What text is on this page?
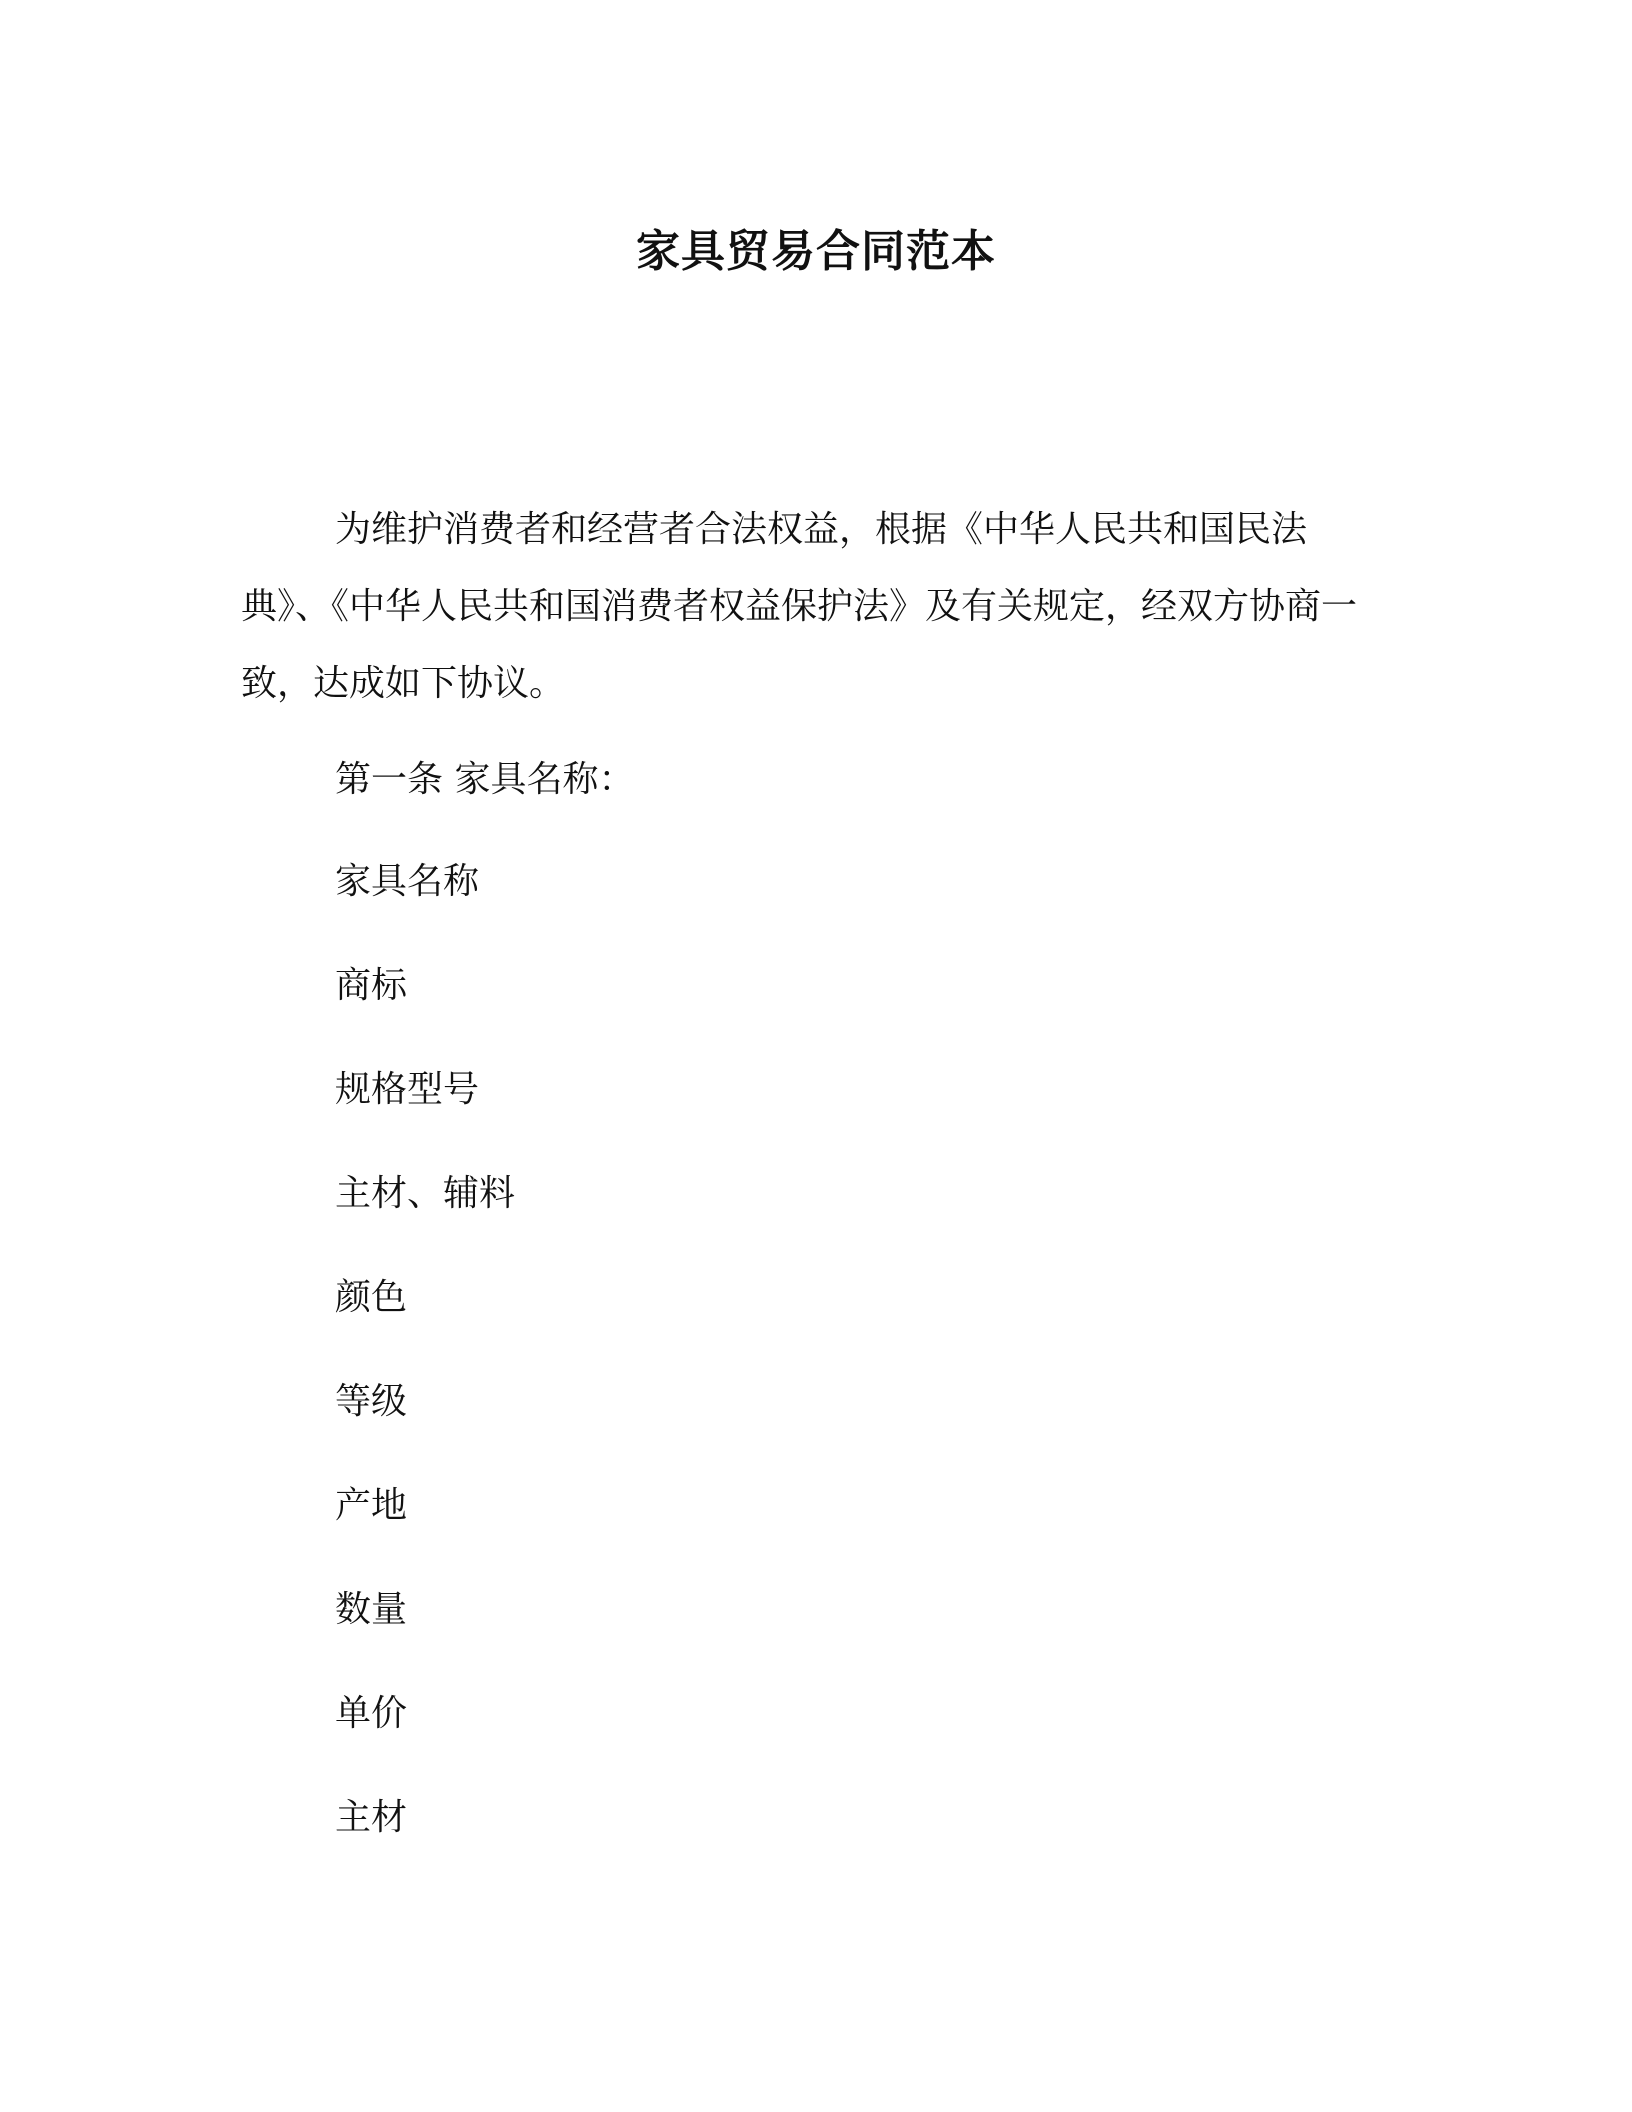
家具贸易合同范本

为维护消费者和经营者合法权益，根据《中华人民共和国民法典》、《中华人民共和国消费者权益保护法》及有关规定，经双方协商一致，达成如下协议。

第一条 家具名称：

家具名称
商标
规格型号
主材、辅料
颜色
等级
产地
数量
单价
主材
